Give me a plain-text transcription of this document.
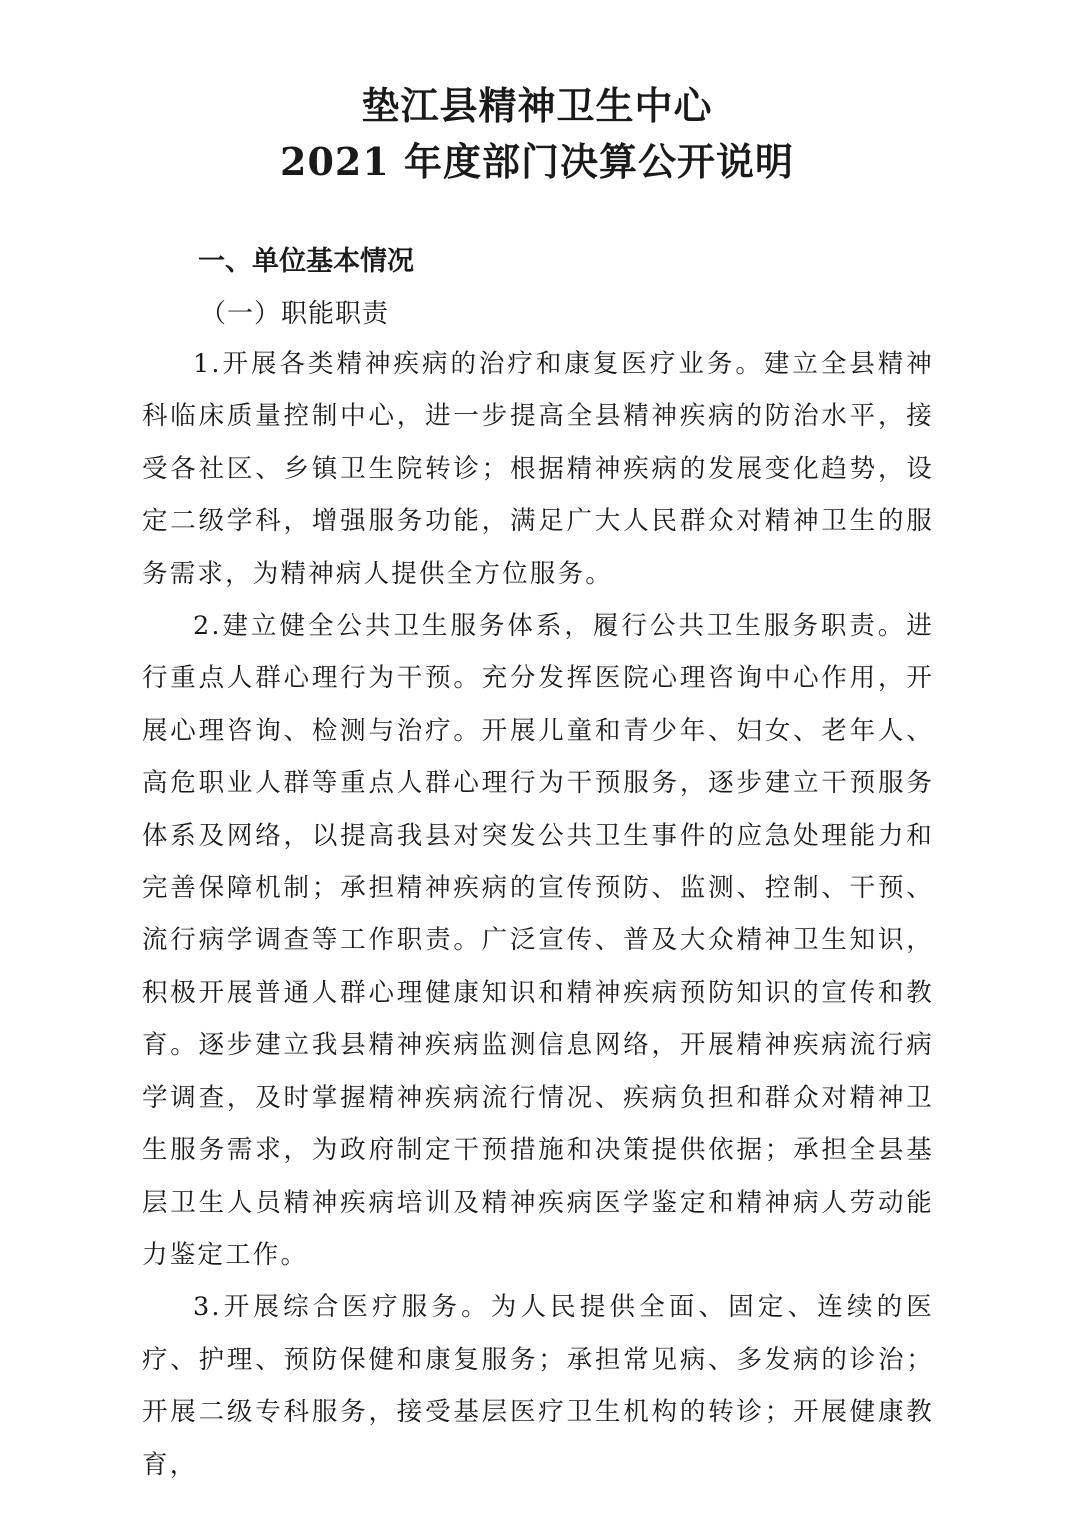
垫江县精神卫生中心
2021 年度部门决算公开说明
一、单位基本情况
（一）职能职责

1.开展各类精神疾病的治疗和康复医疗业务。建立全县精神科临床质量控制中心，进一步提高全县精神疾病的防治水平，接受各社区、乡镇卫生院转诊；根据精神疾病的发展变化趋势，设定二级学科，增强服务功能，满足广大人民群众对精神卫生的服务需求，为精神病人提供全方位服务。

2.建立健全公共卫生服务体系，履行公共卫生服务职责。进行重点人群心理行为干预。充分发挥医院心理咨询中心作用，开展心理咨询、检测与治疗。开展儿童和青少年、妇女、老年人、高危职业人群等重点人群心理行为干预服务，逐步建立干预服务体系及网络，以提高我县对突发公共卫生事件的应急处理能力和完善保障机制；承担精神疾病的宣传预防、监测、控制、干预、流行病学调查等工作职责。广泛宣传、普及大众精神卫生知识，积极开展普通人群心理健康知识和精神疾病预防知识的宣传和教育。逐步建立我县精神疾病监测信息网络，开展精神疾病流行病学调查，及时掌握精神疾病流行情况、疾病负担和群众对精神卫生服务需求，为政府制定干预措施和决策提供依据；承担全县基层卫生人员精神疾病培训及精神疾病医学鉴定和精神病人劳动能力鉴定工作。

3.开展综合医疗服务。为人民提供全面、固定、连续的医疗、护理、预防保健和康复服务；承担常见病、多发病的诊治；开展二级专科服务，接受基层医疗卫生机构的转诊；开展健康教育，
